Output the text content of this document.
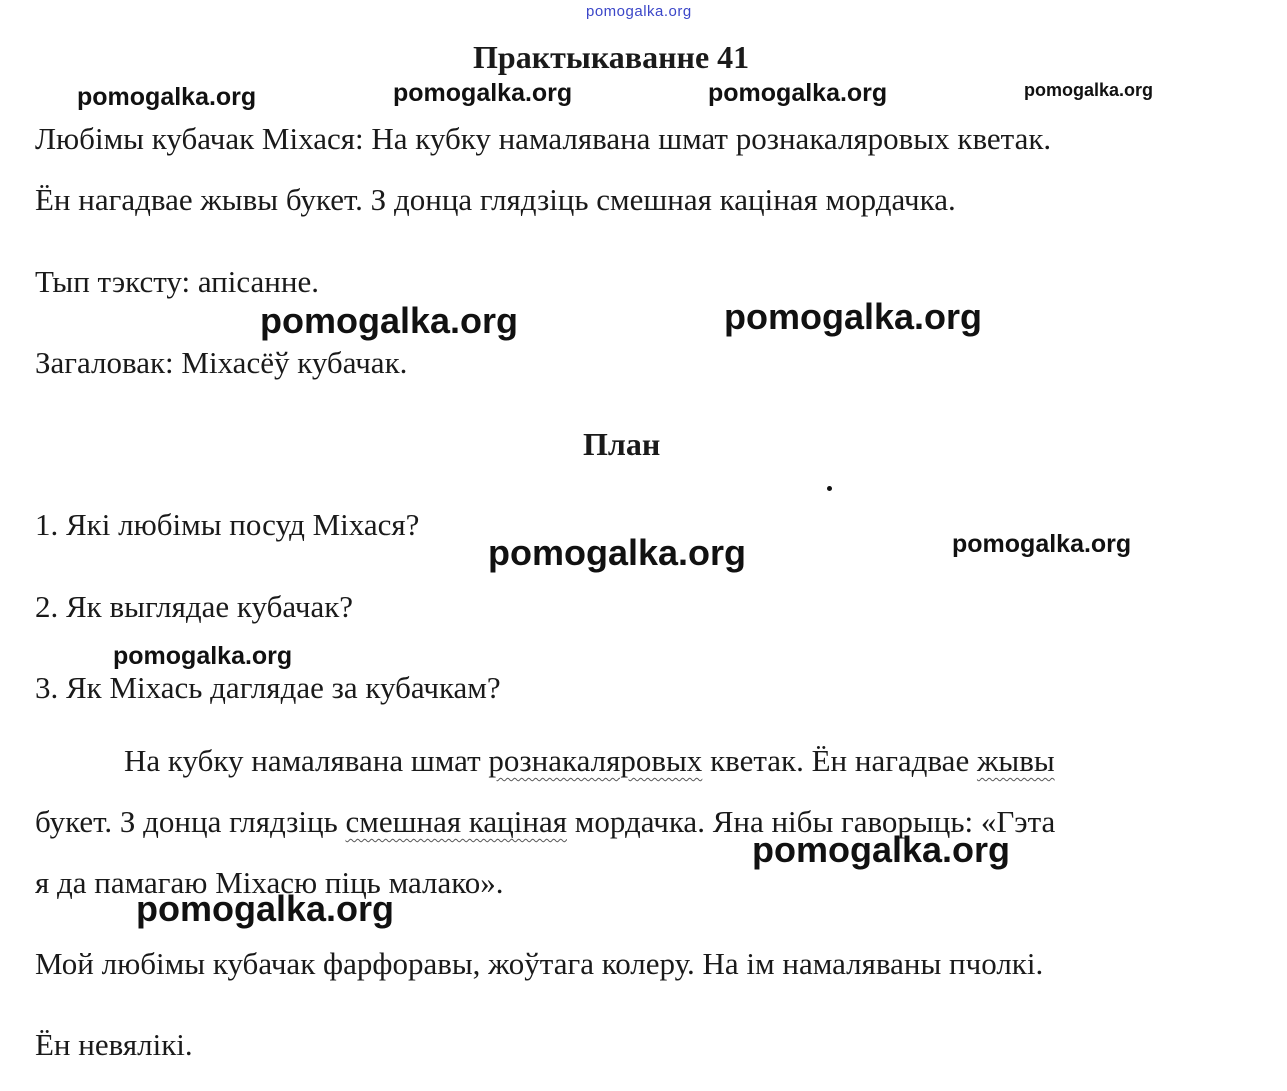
pomogalka.org
Практыкаванне 41
pomogalka.org	pomogalka.org	pomogalka.org	pomogalka.org
Любімы кубачак Міхася: На кубку намалявана шмат рознакаляровых кветак.
Ён нагадвае жывы букет. З донца глядзіць смешная кацiная мордачка.
Тып тэксту: апісанне.
pomogalka.org	pomogalka.org
Загаловак: Міхасёў кубачак.
План
1. Якi любiмы посуд Міхася?
pomogalka.org	pomogalka.org
2. Як выглядае кубачак?
pomogalka.org
3. Як Міхась даглядае за кубачкам?
На кубку намалявана шмат рознакаляровых кветак. Ён нагадвае жывы
букет. З донца глядзіць смешная кацiная мордачка. Яна нiбы гаворыць: «Гэта
pomogalka.org
я да памагаю Міхасю пiць малако».
pomogalka.org
Мой любімы кубачак фарфоравы, жоўтага колеру. На ім намаляваны пчолкі.
Ён невялікі.
